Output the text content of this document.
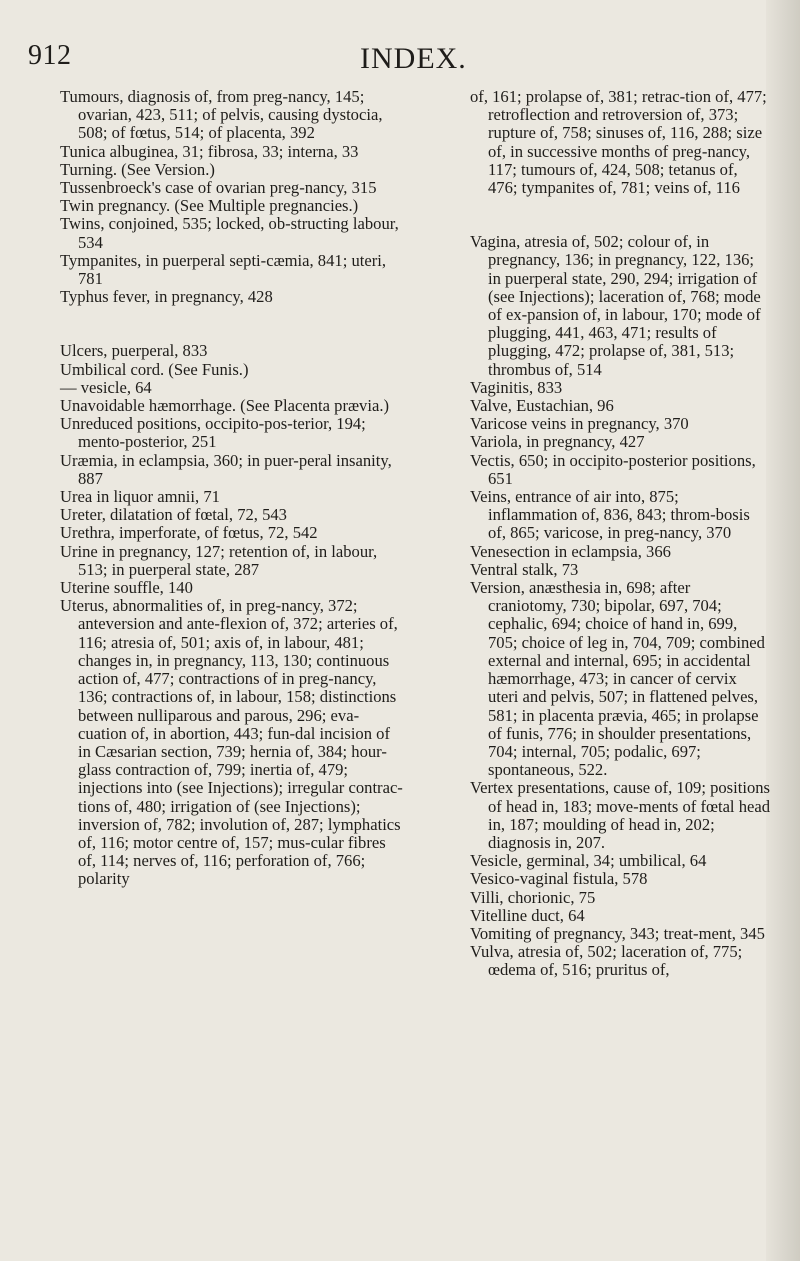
912	INDEX.

Tumours, diagnosis of, from preg-nancy, 145; ovarian, 423, 511; of pelvis, causing dystocia, 508; of fœtus, 514; of placenta, 392

Tunica albuginea, 31; fibrosa, 33; interna, 33

Turning. (See Version.)

Tussenbroeck's case of ovarian preg-nancy, 315

Twin pregnancy. (See Multiple pregnancies.)

Twins, conjoined, 535; locked, ob-structing labour, 534

Tympanites, in puerperal septi-cæmia, 841; uteri, 781

Typhus fever, in pregnancy, 428

Ulcers, puerperal, 833

Umbilical cord. (See Funis.)

— vesicle, 64

Unavoidable hæmorrhage. (See Placenta prævia.)

Unreduced positions, occipito-pos-terior, 194; mento-posterior, 251

Uræmia, in eclampsia, 360; in puer-peral insanity, 887

Urea in liquor amnii, 71

Ureter, dilatation of fœtal, 72, 543

Urethra, imperforate, of fœtus, 72, 542

Urine in pregnancy, 127; retention of, in labour, 513; in puerperal state, 287

Uterine souffle, 140

Uterus, abnormalities of, in preg-nancy, 372; anteversion and ante-flexion of, 372; arteries of, 116; atresia of, 501; axis of, in labour, 481; changes in, in pregnancy, 113, 130; continuous action of, 477; contractions of in preg-nancy, 136; contractions of, in labour, 158; distinctions between nulliparous and parous, 296; eva-cuation of, in abortion, 443; fun-dal incision of in Cæsarian section, 739; hernia of, 384; hour-glass contraction of, 799; inertia of, 479; injections into (see Injections); irregular contrac-tions of, 480; irrigation of (see Injections); inversion of, 782; involution of, 287; lymphatics of, 116; motor centre of, 157; mus-cular fibres of, 114; nerves of, 116; perforation of, 766; polarity

of, 161; prolapse of, 381; retrac-tion of, 477; retroflection and retroversion of, 373; rupture of, 758; sinuses of, 116, 288; size of, in successive months of preg-nancy, 117; tumours of, 424, 508; tetanus of, 476; tympanites of, 781; veins of, 116

Vagina, atresia of, 502; colour of, in pregnancy, 136; in pregnancy, 122, 136; in puerperal state, 290, 294; irrigation of (see Injections); laceration of, 768; mode of ex-pansion of, in labour, 170; mode of plugging, 441, 463, 471; results of plugging, 472; prolapse of, 381, 513; thrombus of, 514

Vaginitis, 833

Valve, Eustachian, 96

Varicose veins in pregnancy, 370

Variola, in pregnancy, 427

Vectis, 650; in occipito-posterior positions, 651

Veins, entrance of air into, 875; inflammation of, 836, 843; throm-bosis of, 865; varicose, in preg-nancy, 370

Venesection in eclampsia, 366

Ventral stalk, 73

Version, anæsthesia in, 698; after craniotomy, 730; bipolar, 697, 704; cephalic, 694; choice of hand in, 699, 705; choice of leg in, 704, 709; combined external and internal, 695; in accidental hæmorrhage, 473; in cancer of cervix uteri and pelvis, 507; in flattened pelves, 581; in placenta prævia, 465; in prolapse of funis, 776; in shoulder presentations, 704; internal, 705; podalic, 697; spontaneous, 522.

Vertex presentations, cause of, 109; positions of head in, 183; move-ments of fœtal head in, 187; moulding of head in, 202; diagnosis in, 207.

Vesicle, germinal, 34; umbilical, 64

Vesico-vaginal fistula, 578

Villi, chorionic, 75

Vitelline duct, 64

Vomiting of pregnancy, 343; treat-ment, 345

Vulva, atresia of, 502; laceration of, 775; œdema of, 516; pruritus of,
